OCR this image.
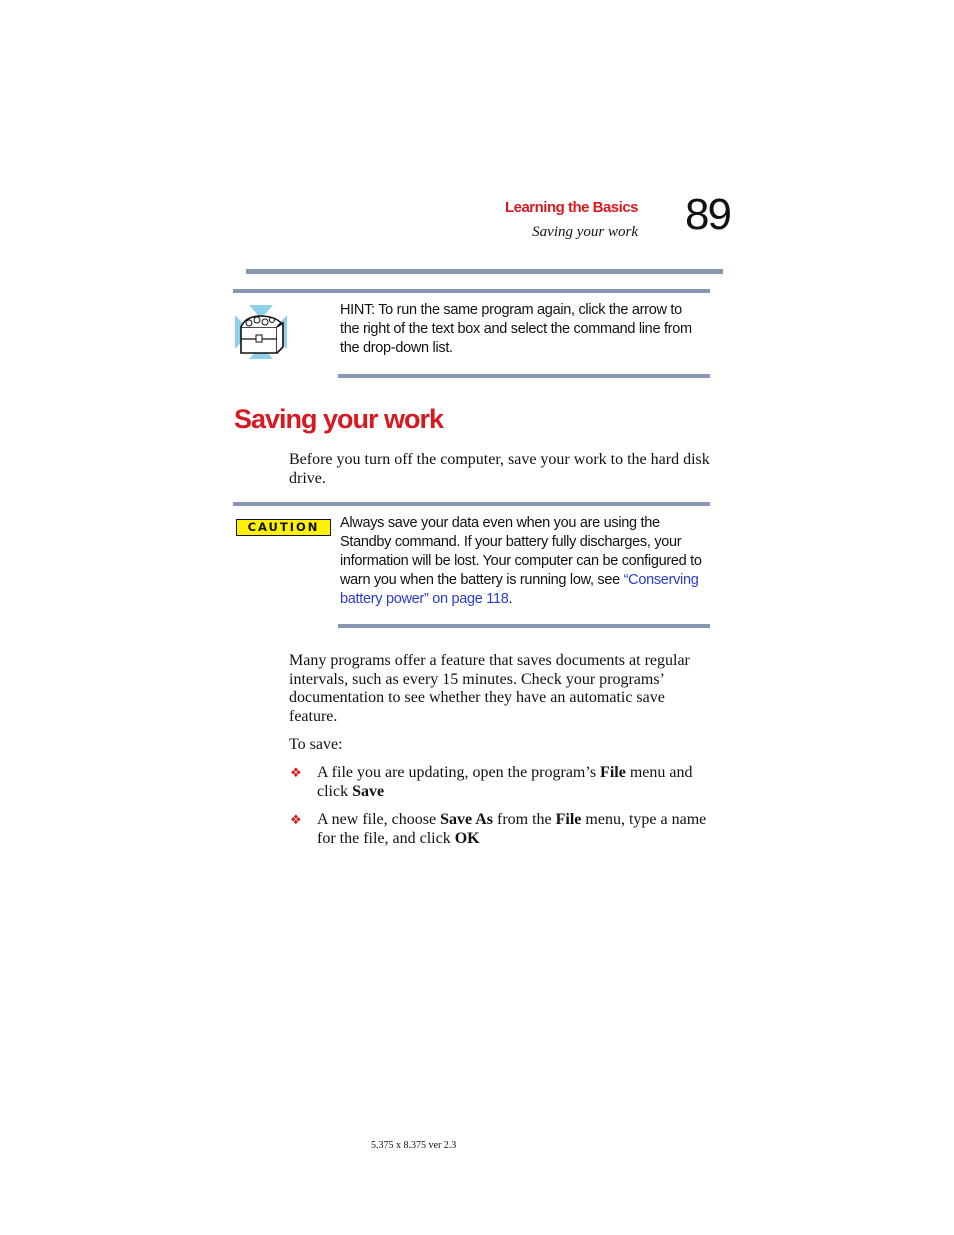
Learning the Basics
Saving your work 89
HINT: To run the same program again, click the arrow to the right of the text box and select the command line from the drop-down list.
Saving your work
Before you turn off the computer, save your work to the hard disk drive.
CAUTION	Always save your data even when you are using the Standby command. If your battery fully discharges, your information will be lost. Your computer can be configured to warn you when the battery is running low, see “Conserving battery power” on page 118.
Many programs offer a feature that saves documents at regular intervals, such as every 15 minutes. Check your programs’ documentation to see whether they have an automatic save feature.
To save:
❖ A file you are updating, open the program’s File menu and click Save
❖ A new file, choose Save As from the File menu, type a name for the file, and click OK
5.375 x 8.375 ver 2.3
